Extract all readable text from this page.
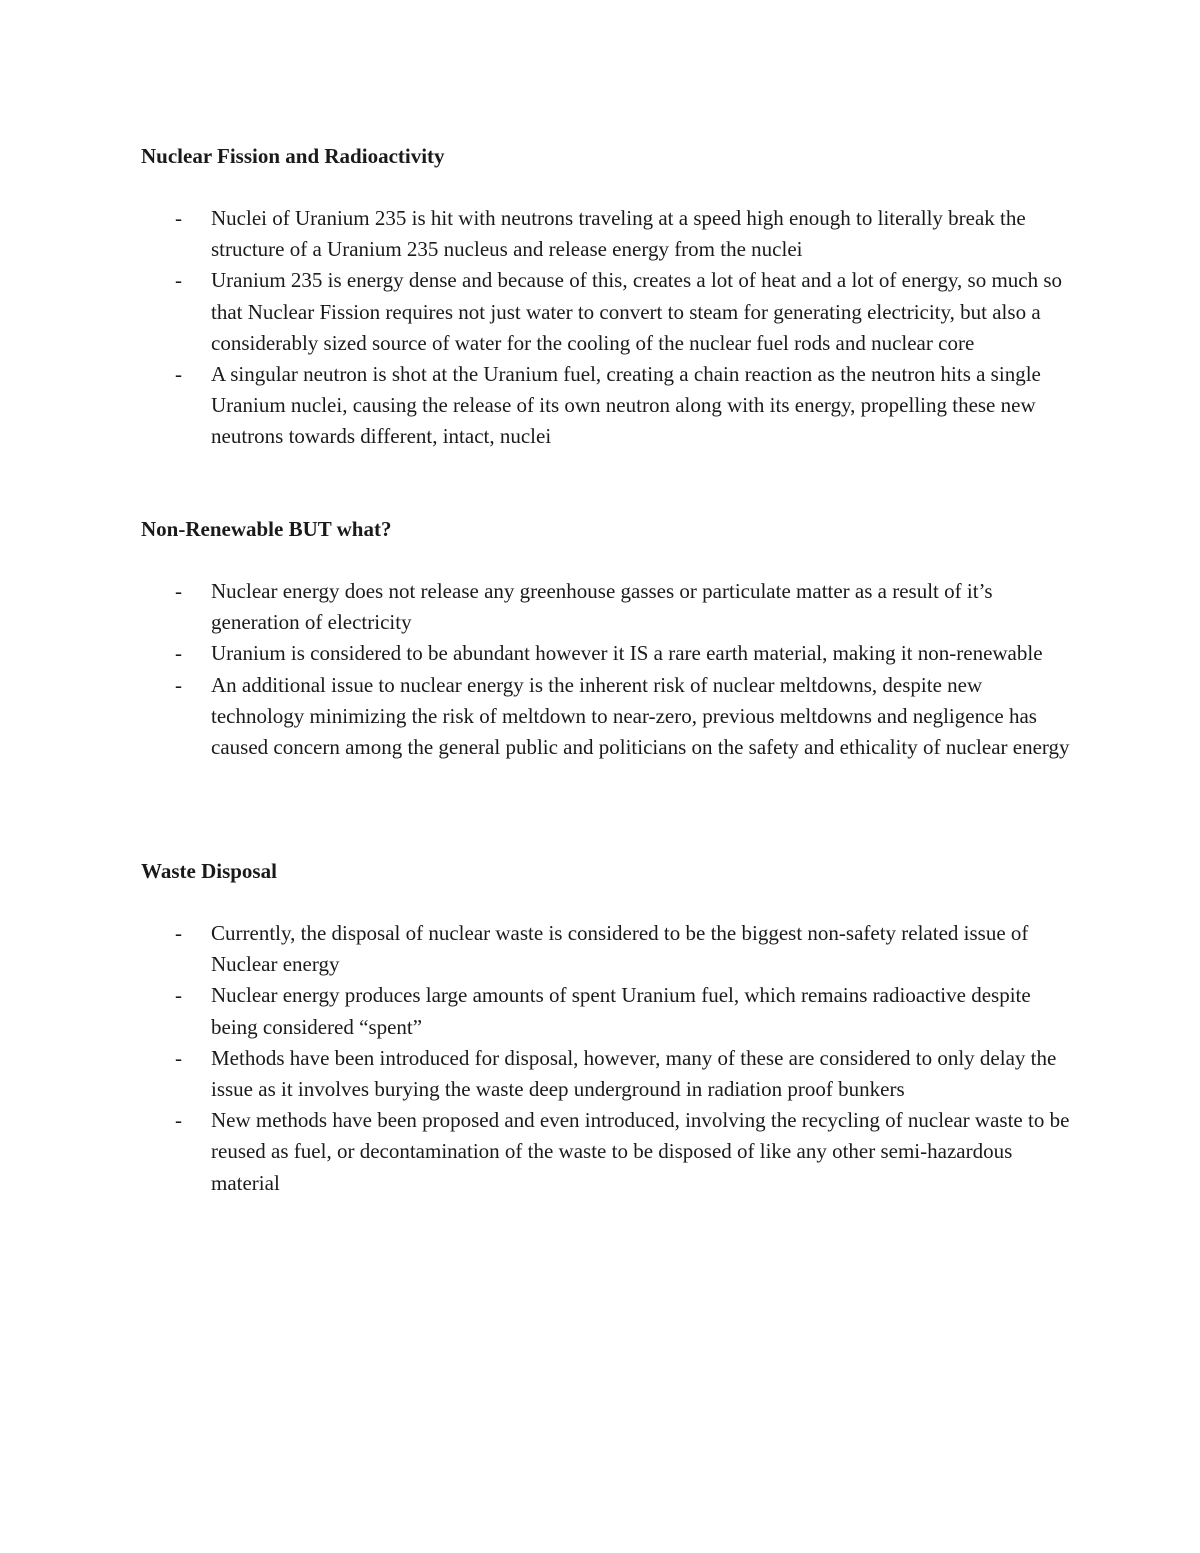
Nuclear Fission and Radioactivity
- Nuclei of Uranium 235 is hit with neutrons traveling at a speed high enough to literally break the structure of a Uranium 235 nucleus and release energy from the nuclei
- Uranium 235 is energy dense and because of this, creates a lot of heat and a lot of energy, so much so that Nuclear Fission requires not just water to convert to steam for generating electricity, but also a considerably sized source of water for the cooling of the nuclear fuel rods and nuclear core
- A singular neutron is shot at the Uranium fuel, creating a chain reaction as the neutron hits a single Uranium nuclei, causing the release of its own neutron along with its energy, propelling these new neutrons towards different, intact, nuclei
Non-Renewable BUT what?
- Nuclear energy does not release any greenhouse gasses or particulate matter as a result of it’s generation of electricity
- Uranium is considered to be abundant however it IS a rare earth material, making it non-renewable
- An additional issue to nuclear energy is the inherent risk of nuclear meltdowns, despite new technology minimizing the risk of meltdown to near-zero, previous meltdowns and negligence has caused concern among the general public and politicians on the safety and ethicality of nuclear energy
Waste Disposal
- Currently, the disposal of nuclear waste is considered to be the biggest non-safety related issue of Nuclear energy
- Nuclear energy produces large amounts of spent Uranium fuel, which remains radioactive despite being considered “spent”
- Methods have been introduced for disposal, however, many of these are considered to only delay the issue as it involves burying the waste deep underground in radiation proof bunkers
- New methods have been proposed and even introduced, involving the recycling of nuclear waste to be reused as fuel, or decontamination of the waste to be disposed of like any other semi-hazardous material
